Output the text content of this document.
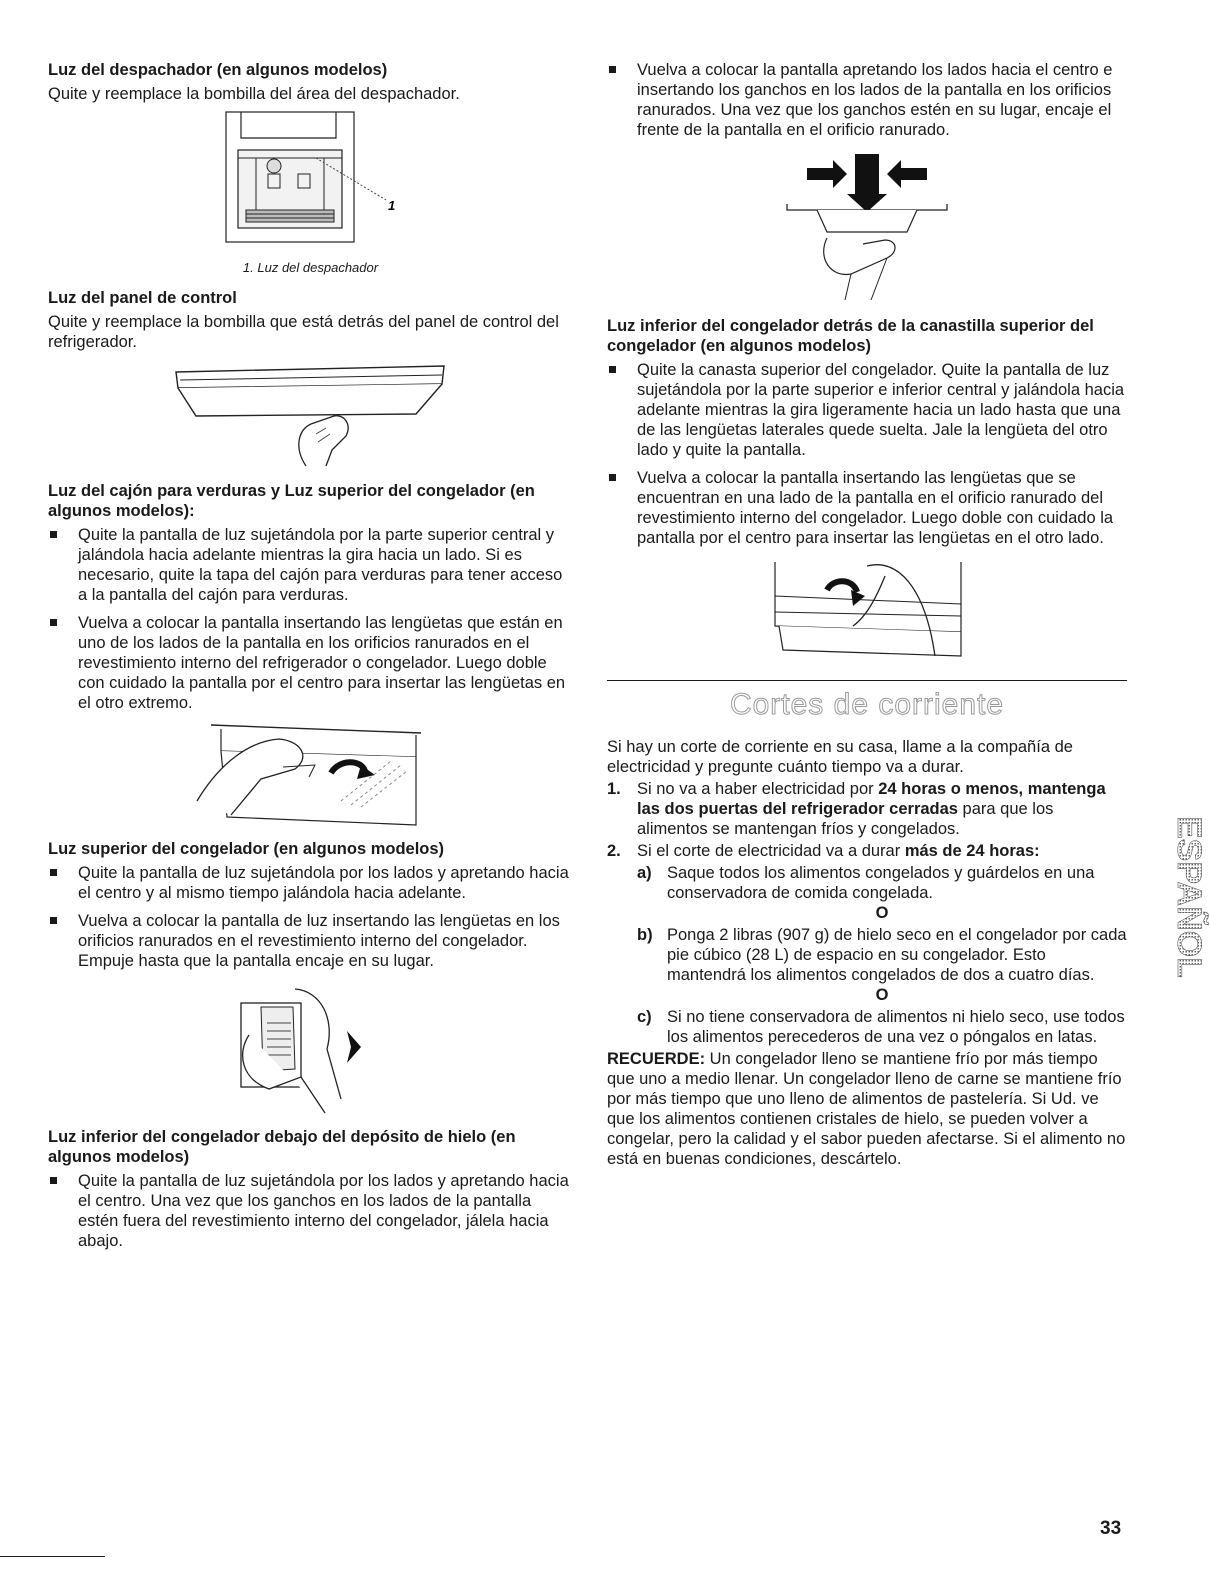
Luz del despachador (en algunos modelos)

Quite y reemplace la bombilla del área del despachador.

1
1. Luz del despachador
Luz del panel de control

Quite y reemplace la bombilla que está detrás del panel de control del refrigerador.

Luz del cajón para verduras y Luz superior del congelador (en algunos modelos):
Quite la pantalla de luz sujetándola por la parte superior central y jalándola hacia adelante mientras la gira hacia un lado. Si es necesario, quite la tapa del cajón para verduras para tener acceso a la pantalla del cajón para verduras.
Vuelva a colocar la pantalla insertando las lengüetas que están en uno de los lados de la pantalla en los orificios ranurados en el revestimiento interno del refrigerador o congelador. Luego doble con cuidado la pantalla por el centro para insertar las lengüetas en el otro extremo.
Luz superior del congelador (en algunos modelos)
Quite la pantalla de luz sujetándola por los lados y apretando hacia el centro y al mismo tiempo jalándola hacia adelante.
Vuelva a colocar la pantalla de luz insertando las lengüetas en los orificios ranurados en el revestimiento interno del congelador. Empuje hasta que la pantalla encaje en su lugar.
Luz inferior del congelador debajo del depósito de hielo (en algunos modelos)
Quite la pantalla de luz sujetándola por los lados y apretando hacia el centro. Una vez que los ganchos en los lados de la pantalla estén fuera del revestimiento interno del congelador, jálela hacia abajo.
Vuelva a colocar la pantalla apretando los lados hacia el centro e insertando los ganchos en los lados de la pantalla en los orificios ranurados. Una vez que los ganchos estén en su lugar, encaje el frente de la pantalla en el orificio ranurado.
Luz inferior del congelador detrás de la canastilla superior del congelador (en algunos modelos)
Quite la canasta superior del congelador. Quite la pantalla de luz sujetándola por la parte superior e inferior central y jalándola hacia adelante mientras la gira ligeramente hacia un lado hasta que una de las lengüetas laterales quede suelta. Jale la lengüeta del otro lado y quite la pantalla.
Vuelva a colocar la pantalla insertando las lengüetas que se encuentran en una lado de la pantalla en el orificio ranurado del revestimiento interno del congelador. Luego doble con cuidado la pantalla por el centro para insertar las lengüetas en el otro lado.
Cortes de corriente

Si hay un corte de corriente en su casa, llame a la compañía de electricidad y pregunte cuánto tiempo va a durar.

1. Si no va a haber electricidad por 24 horas o menos, mantenga las dos puertas del refrigerador cerradas para que los alimentos se mantengan fríos y congelados.
2. Si el corte de electricidad va a durar más de 24 horas:
a) Saque todos los alimentos congelados y guárdelos en una conservadora de comida congelada.
O
b) Ponga 2 libras (907 g) de hielo seco en el congelador por cada pie cúbico (28 L) de espacio en su congelador. Esto mantendrá los alimentos congelados de dos a cuatro días.
O
c) Si no tiene conservadora de alimentos ni hielo seco, use todos los alimentos perecederos de una vez o póngalos en latas.

RECUERDE: Un congelador lleno se mantiene frío por más tiempo que uno a medio llenar. Un congelador lleno de carne se mantiene frío por más tiempo que uno lleno de alimentos de pastelería. Si Ud. ve que los alimentos contienen cristales de hielo, se pueden volver a congelar, pero la calidad y el sabor pueden afectarse. Si el alimento no está en buenas condiciones, descártelo.

ESPAÑOL
33
